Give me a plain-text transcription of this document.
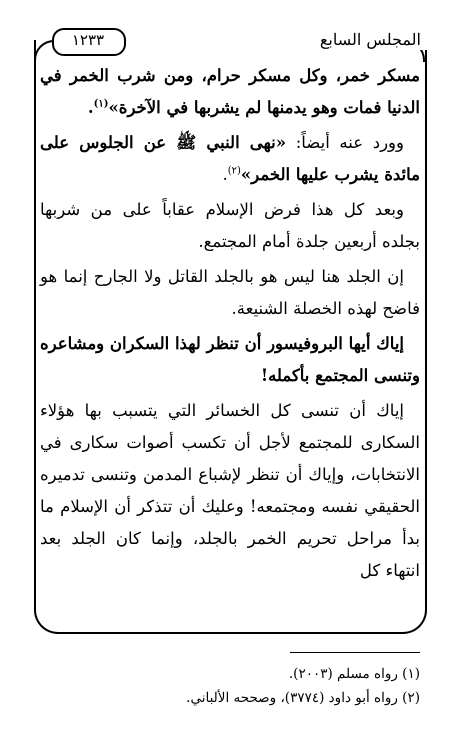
١٢٣٣	المجلس السابع

مسكر خمر، وكل مسكر حرام، ومن شرب الخمر في الدنيا فمات وهو يدمنها لم يشربها في الآخرة»$^{(١)}$.

وورد عنه أيضاً: «نهى النبي ﷺ عن الجلوس على مائدة يشرب عليها الخمر»$^{(٢)}$.

وبعد كل هذا فرض الإسلام عقاباً على من شربها بجلده أربعين جلدة أمام المجتمع.

إن الجلد هنا ليس هو بالجلد القاتل ولا الجارح إنما هو فاضح لهذه الخصلة الشنيعة.

إياك أيها البروفيسور أن تنظر لهذا السكران ومشاعره وتنسى المجتمع بأكمله!

إياك أن تنسى كل الخسائر التي يتسبب بها هؤلاء السكارى للمجتمع لأجل أن تكسب أصوات سكارى في الانتخابات، وإياك أن تنظر لإشباع المدمن وتنسى تدميره الحقيقي نفسه ومجتمعه! وعليك أن تتذكر أن الإسلام ما بدأ مراحل تحريم الخمر بالجلد، وإنما كان الجلد بعد انتهاء كل

(١) رواه مسلم (٢٠٠٣).

(٢) رواه أبو داود (٣٧٧٤)، وصححه الألباني.
